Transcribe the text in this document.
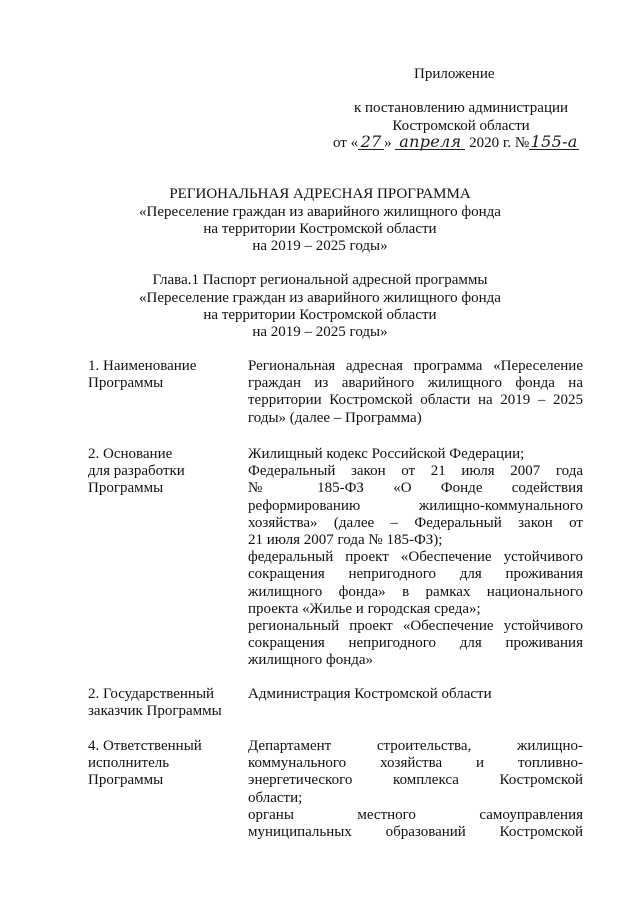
Приложение
к постановлению администрации
Костромской области
от « 27 » апреля 2020 г. №155-а
РЕГИОНАЛЬНАЯ АДРЕСНАЯ ПРОГРАММА
«Переселение граждан из аварийного жилищного фонда
на территории Костромской области
на 2019 – 2025 годы»
Глава.1 Паспорт региональной адресной программы
«Переселение граждан из аварийного жилищного фонда
на территории Костромской области
на 2019 – 2025 годы»
1. Наименование
Программы
Региональная адресная программа «Переселение
граждан из аварийного жилищного фонда на
территории Костромской области на 2019 – 2025
годы» (далее – Программа)
2. Основание
для разработки
Программы
Жилищный кодекс Российской Федерации;
Федеральный закон от 21 июля 2007 года
№ 185-ФЗ «О Фонде содействия
реформированию жилищно-коммунального
хозяйства» (далее – Федеральный закон от
21 июля 2007 года № 185-ФЗ);
федеральный проект «Обеспечение устойчивого
сокращения непригодного для проживания
жилищного фонда» в рамках национального
проекта «Жилье и городская среда»;
региональный проект «Обеспечение устойчивого
сокращения непригодного для проживания
жилищного фонда»
2. Государственный
заказчик Программы
Администрация Костромской области
4. Ответственный
исполнитель
Программы
Департамент строительства, жилищно-
коммунального хозяйства и топливно-
энергетического комплекса Костромской
области;
органы местного самоуправления
муниципальных образований Костромской
